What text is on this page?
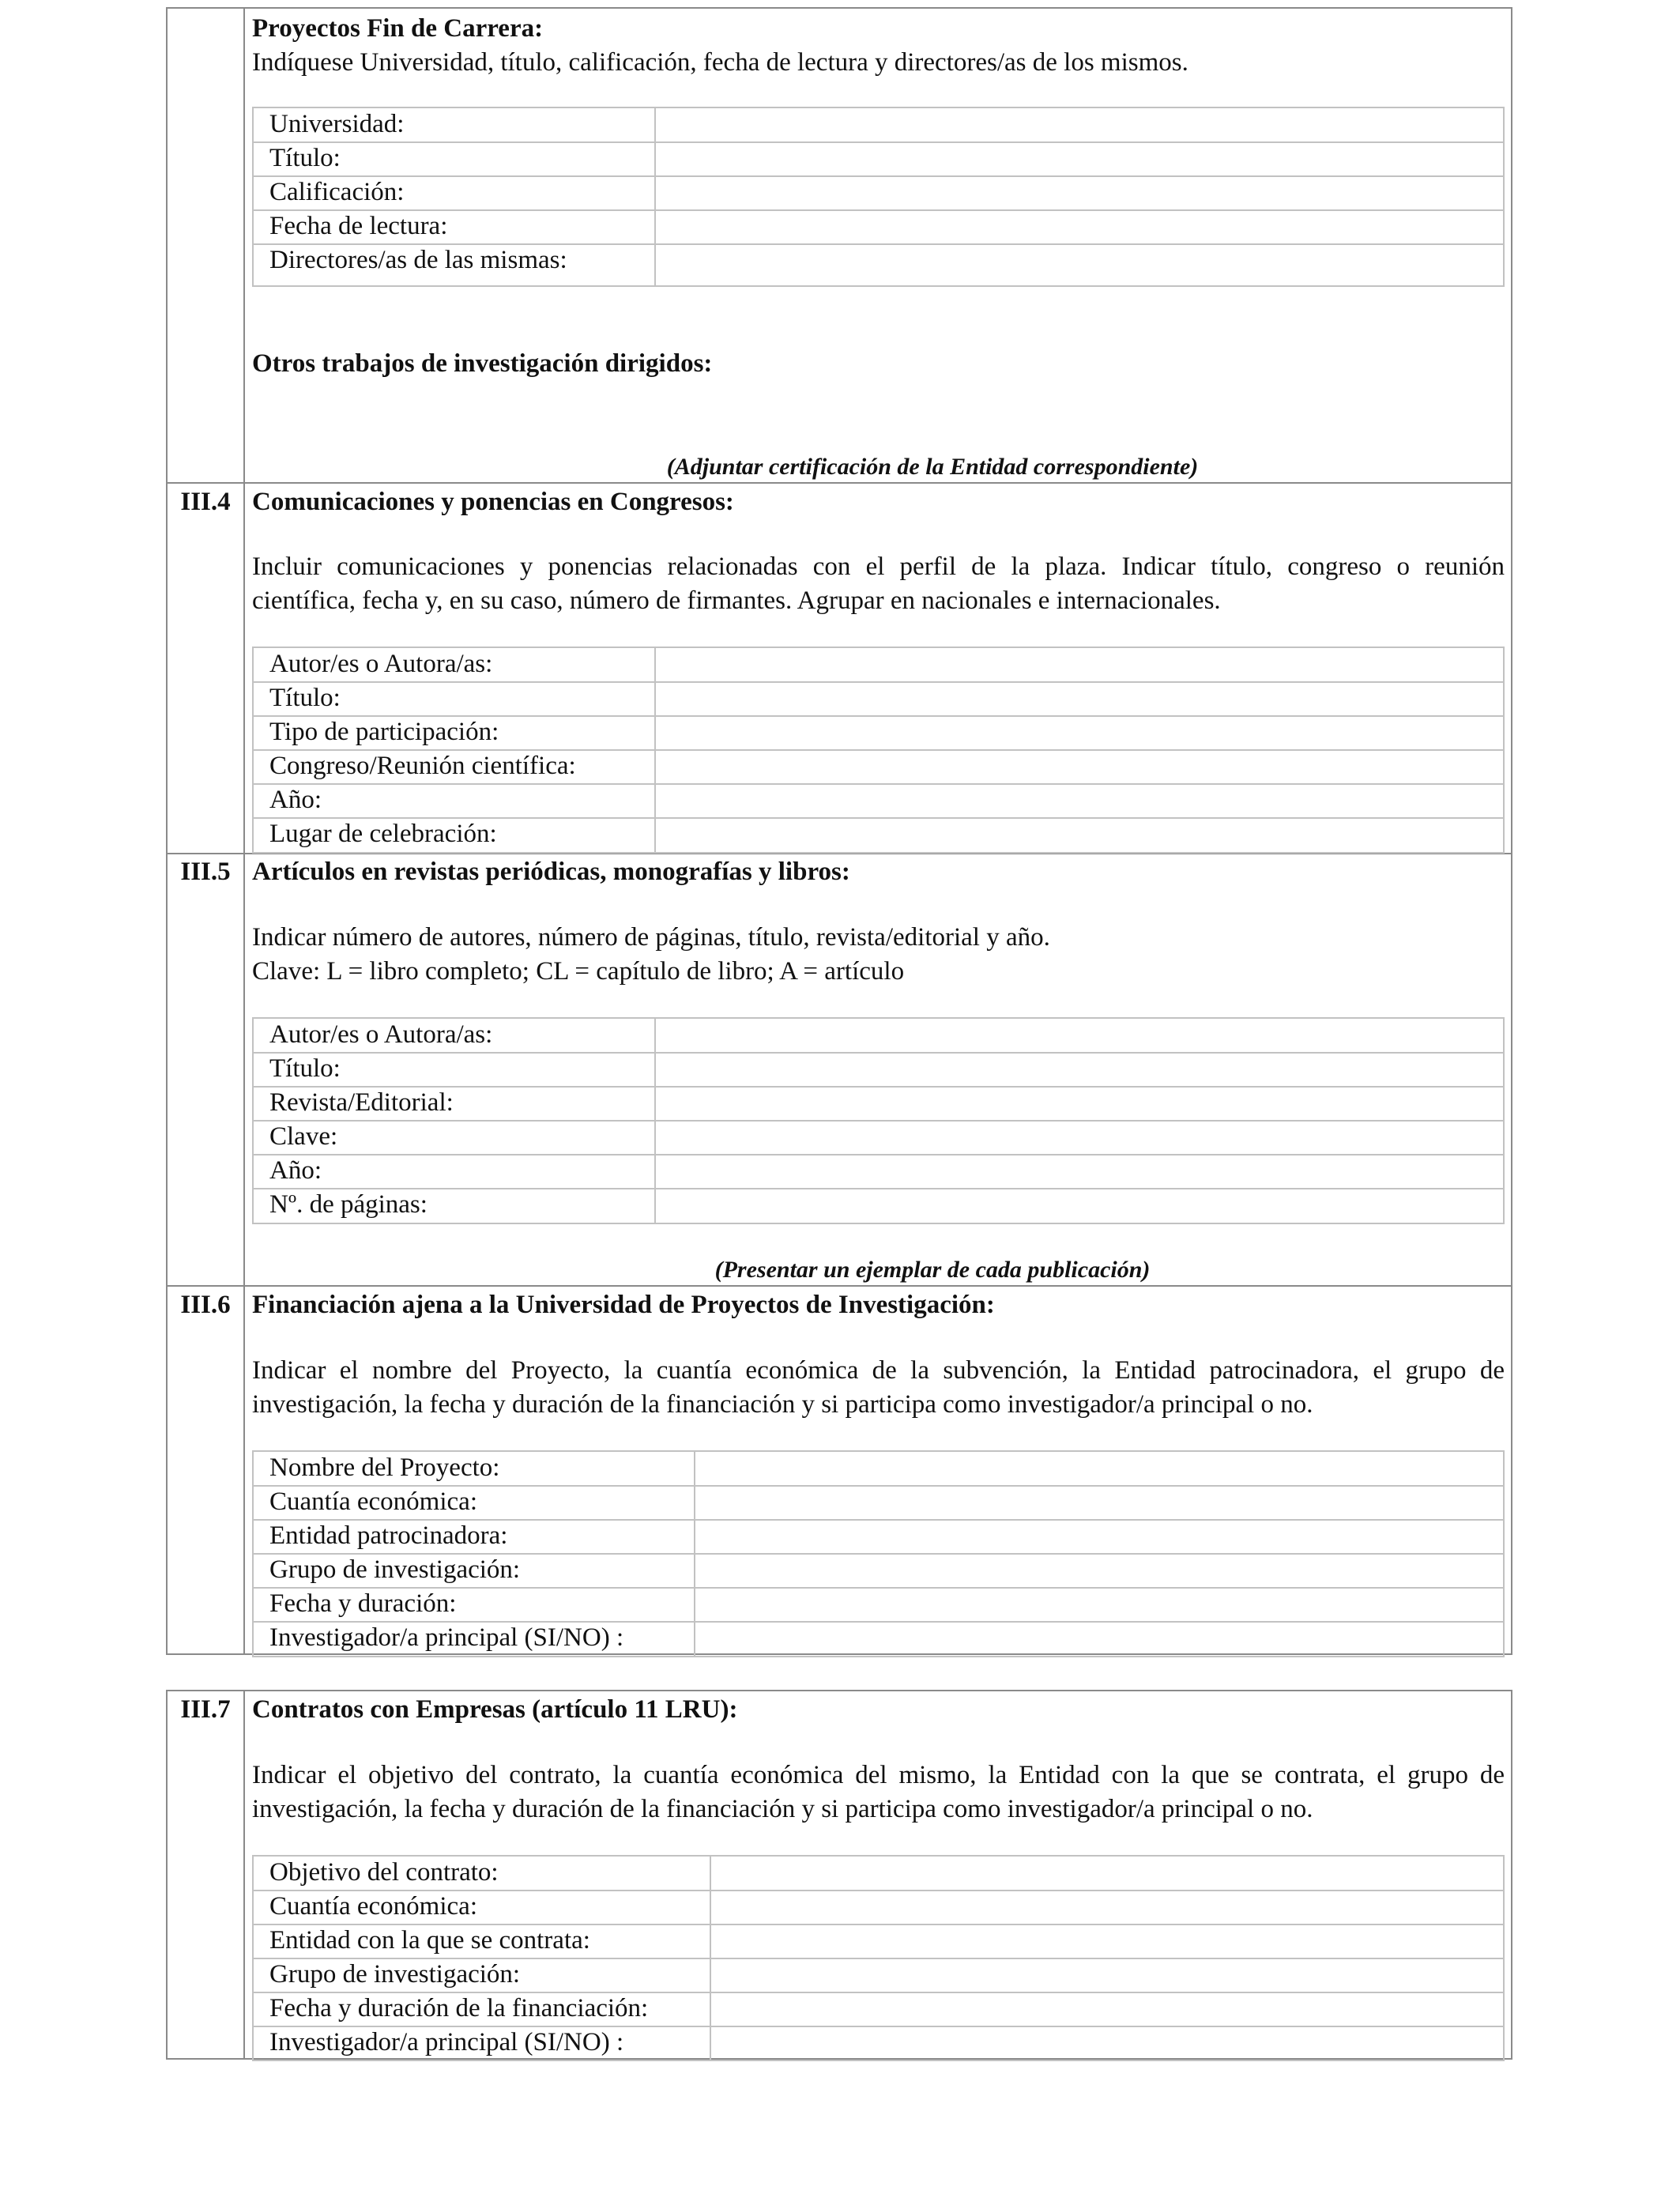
Proyectos Fin de Carrera:
Indíquese Universidad, título, calificación, fecha de lectura y directores/as de los mismos.
Universidad:
Título:
Calificación:
Fecha de lectura:
Directores/as de las mismas:
Otros trabajos de investigación dirigidos:
(Adjuntar certificación de la Entidad correspondiente)
III.4 Comunicaciones y ponencias en Congresos:
Incluir comunicaciones y ponencias relacionadas con el perfil de la plaza. Indicar título, congreso o reunión
científica, fecha y, en su caso, número de firmantes. Agrupar en nacionales e internacionales.
Autor/es o Autora/as:
Título:
Tipo de participación:
Congreso/Reunión científica:
Año:
Lugar de celebración:
III.5 Artículos en revistas periódicas, monografías y libros:
Indicar número de autores, número de páginas, título, revista/editorial y año.
Clave: L = libro completo; CL = capítulo de libro; A = artículo
Autor/es o Autora/as:
Título:
Revista/Editorial:
Clave:
Año:
Nº. de páginas:
(Presentar un ejemplar de cada publicación)
III.6 Financiación ajena a la Universidad de Proyectos de Investigación:
Indicar el nombre del Proyecto, la cuantía económica de la subvención, la Entidad patrocinadora, el grupo de
investigación, la fecha y duración de la financiación y si participa como investigador/a principal o no.
Nombre del Proyecto:
Cuantía económica:
Entidad patrocinadora:
Grupo de investigación:
Fecha y duración:
Investigador/a principal (SI/NO) :
III.7 Contratos con Empresas (artículo 11 LRU):
Indicar el objetivo del contrato, la cuantía económica del mismo, la Entidad con la que se contrata, el grupo de
investigación, la fecha y duración de la financiación y si participa como investigador/a principal o no.
Objetivo del contrato:
Cuantía económica:
Entidad con la que se contrata:
Grupo de investigación:
Fecha y duración de la financiación:
Investigador/a principal (SI/NO) :
